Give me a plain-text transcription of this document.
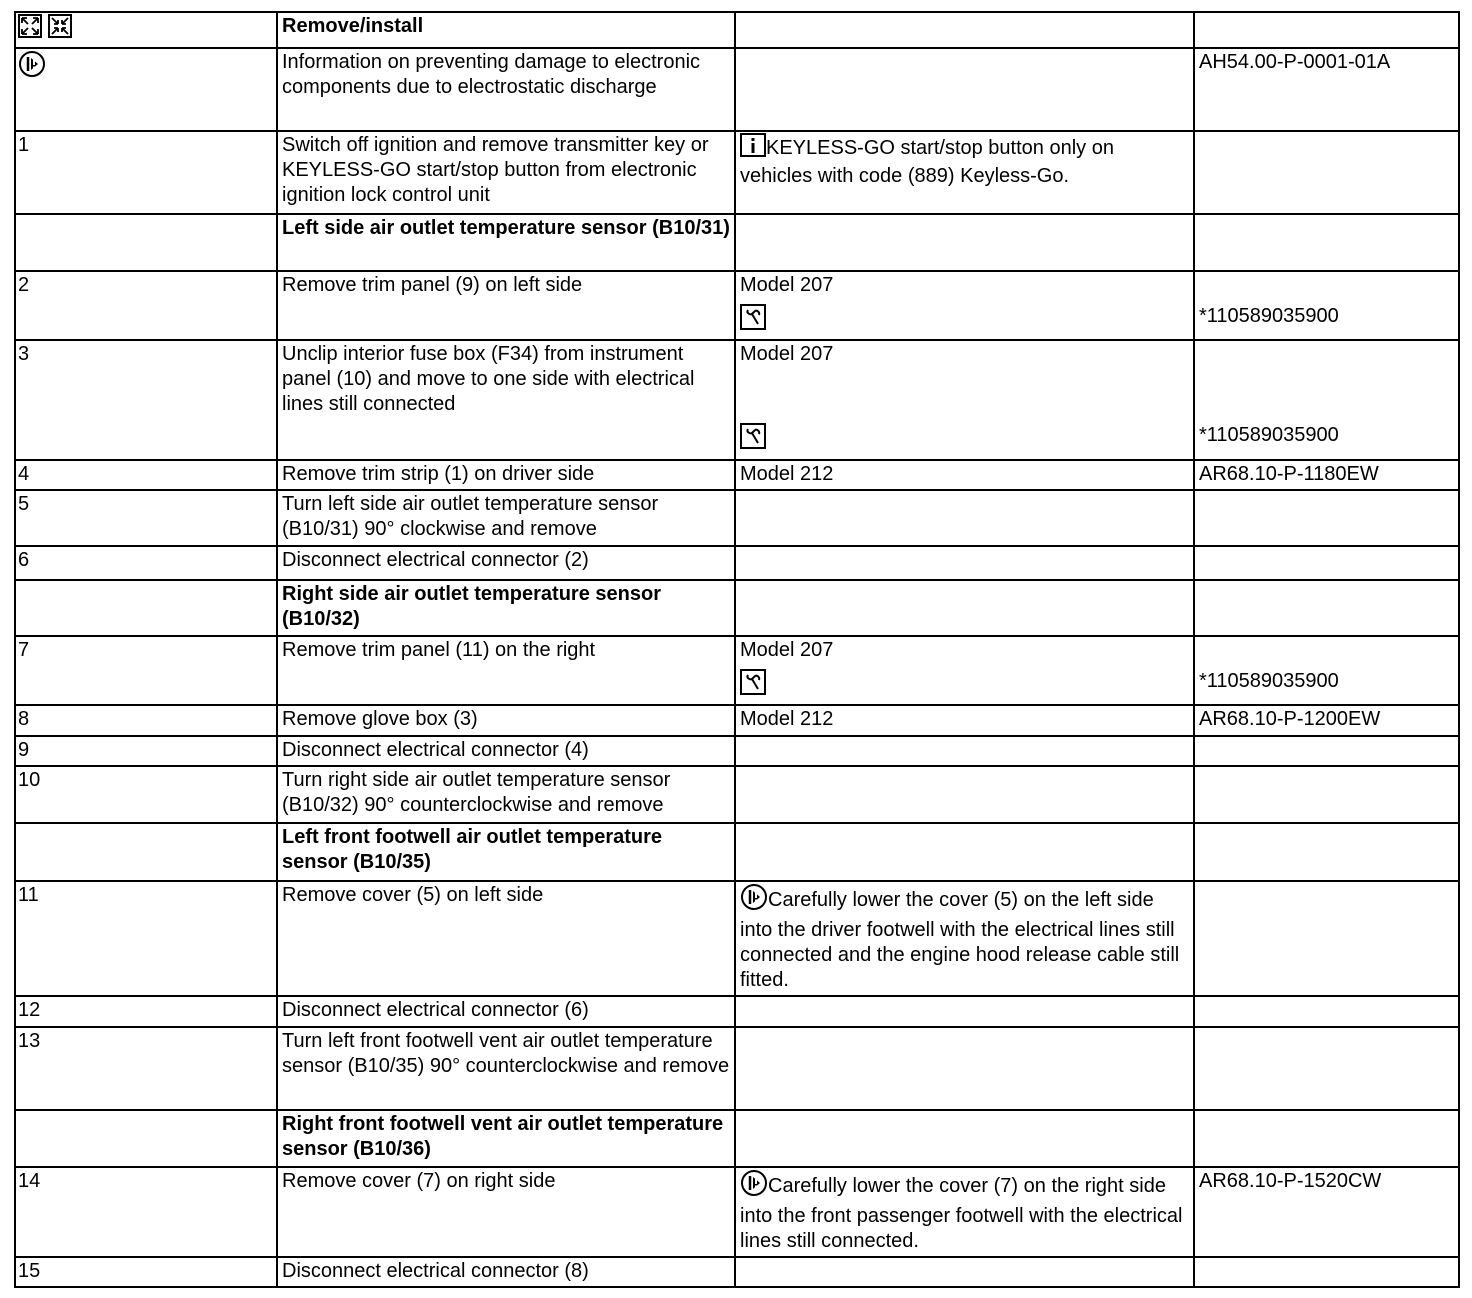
	Remove/install		
	Information on preventing damage to electronic components due to electrostatic discharge		AH54.00-P-0001-01A
1	Switch off ignition and remove transmitter key or KEYLESS-GO start/stop button from electronic ignition lock control unit	KEYLESS-GO start/stop button only on vehicles with code (889) Keyless-Go.	
	Left side air outlet temperature sensor (B10/31)		
2	Remove trim panel (9) on left side	Model 207	*110589035900

3	Unclip interior fuse box (F34) from instrument panel (10) and move to one side with electrical lines still connected	Model 207	*110589035900

4	Remove trim strip (1) on driver side	Model 212	AR68.10-P-1180EW
5	Turn left side air outlet temperature sensor (B10/31) 90° clockwise and remove		
6	Disconnect electrical connector (2)		
	Right side air outlet temperature sensor (B10/32)		
7	Remove trim panel (11) on the right	Model 207	*110589035900

8	Remove glove box (3)	Model 212	AR68.10-P-1200EW
9	Disconnect electrical connector (4)		
10	Turn right side air outlet temperature sensor (B10/32) 90° counterclockwise and remove		
	Left front footwell air outlet temperature sensor (B10/35)		
11	Remove cover (5) on left side	Carefully lower the cover (5) on the left side into the driver footwell with the electrical lines still connected and the engine hood release cable still fitted.	
12	Disconnect electrical connector (6)		
13	Turn left front footwell vent air outlet temperature sensor (B10/35) 90° counterclockwise and remove		
	Right front footwell vent air outlet temperature sensor (B10/36)		
14	Remove cover (7) on right side	Carefully lower the cover (7) on the right side into the front passenger footwell with the electrical lines still connected.	AR68.10-P-1520CW
15	Disconnect electrical connector (8)		
